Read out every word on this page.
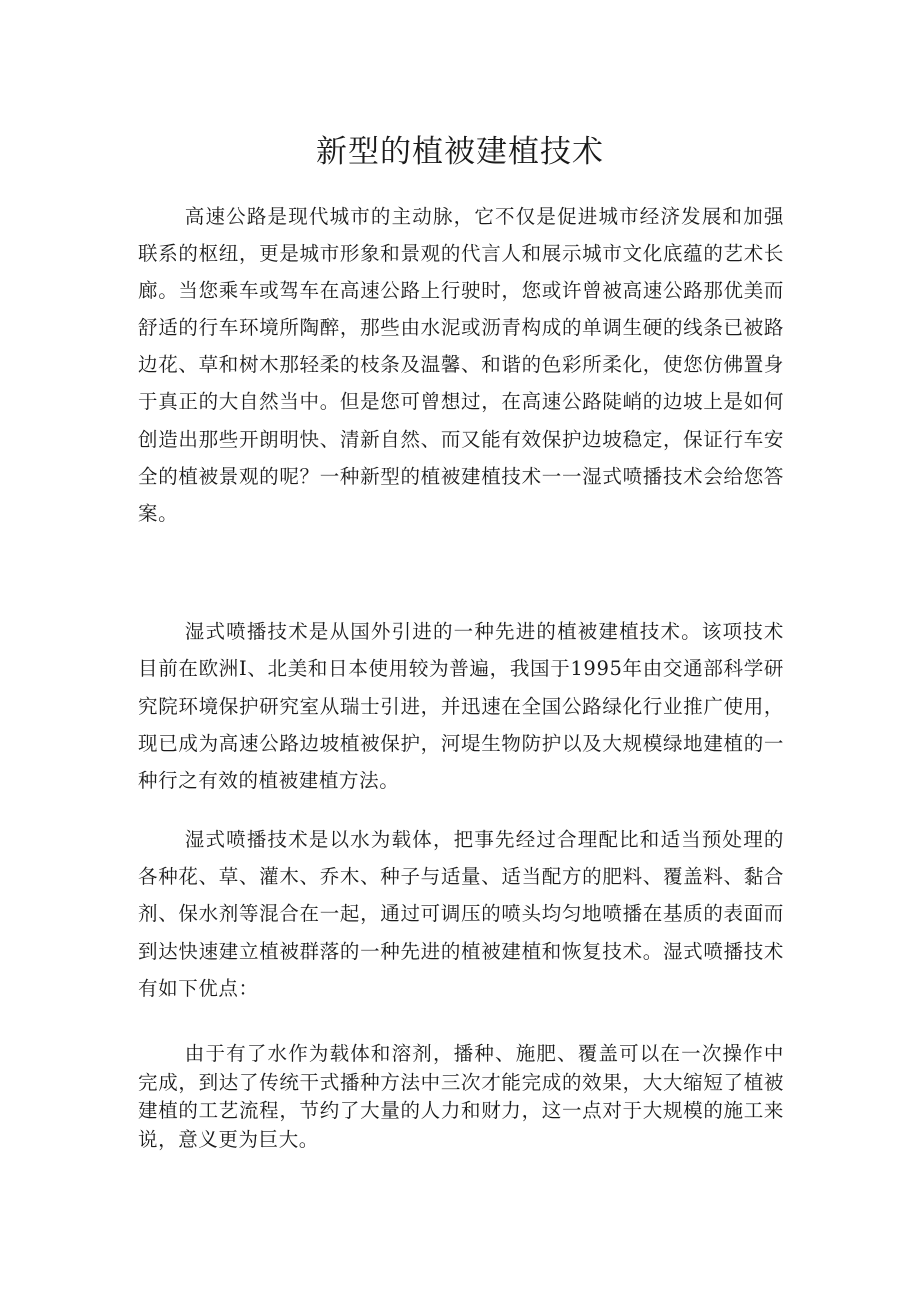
新型的植被建植技术

高速公路是现代城市的主动脉，它不仅是促进城市经济发展和加强联系的枢纽，更是城市形象和景观的代言人和展示城市文化底蕴的艺术长廊。当您乘车或驾车在高速公路上行驶时，您或许曾被高速公路那优美而舒适的行车环境所陶醉，那些由水泥或沥青构成的单调生硬的线条已被路边花、草和树木那轻柔的枝条及温馨、和谐的色彩所柔化，使您仿佛置身于真正的大自然当中。但是您可曾想过，在高速公路陡峭的边坡上是如何创造出那些开朗明快、清新自然、而又能有效保护边坡稳定，保证行车安全的植被景观的呢？一种新型的植被建植技术一一湿式喷播技术会给您答案。

湿式喷播技术是从国外引进的一种先进的植被建植技术。该项技术目前在欧洲I、北美和日本使用较为普遍，我国于1995年由交通部科学研究院环境保护研究室从瑞士引进，并迅速在全国公路绿化行业推广使用，现已成为高速公路边坡植被保护，河堤生物防护以及大规模绿地建植的一种行之有效的植被建植方法。

湿式喷播技术是以水为载体，把事先经过合理配比和适当预处理的各种花、草、灌木、乔木、种子与适量、适当配方的肥料、覆盖料、黏合剂、保水剂等混合在一起，通过可调压的喷头均匀地喷播在基质的表面而到达快速建立植被群落的一种先进的植被建植和恢复技术。湿式喷播技术有如下优点：

由于有了水作为载体和溶剂，播种、施肥、覆盖可以在一次操作中完成，到达了传统干式播种方法中三次才能完成的效果，大大缩短了植被建植的工艺流程，节约了大量的人力和财力，这一点对于大规模的施工来说，意义更为巨大。
